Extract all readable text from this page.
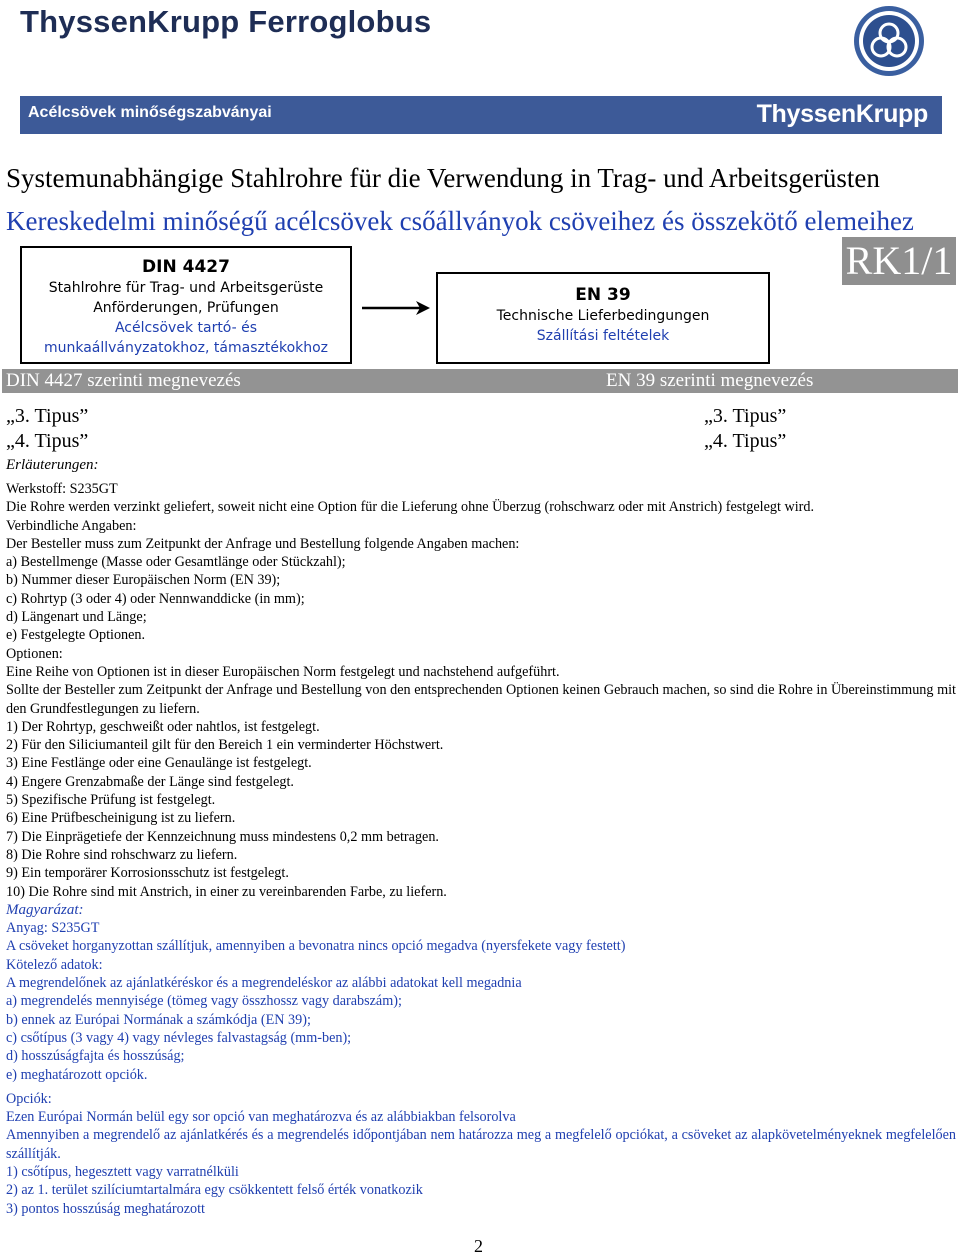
ThyssenKrupp Ferroglobus
Acélcsövek minőségszabványai	ThyssenKrupp
Systemunabhängige Stahlrohre für die Verwendung in Trag- und Arbeitsgerüsten
Kereskedelmi minőségű acélcsövek csőállványok csöveihez és összekötő elemeihez
RK1/1
DIN 4427
Stahlrohre für Trag- und Arbeitsgerüste
Anförderungen, Prüfungen
Acélcsövek tartó- és
munkaállványzatokhoz, támasztékokhoz
EN 39
Technische Lieferbedingungen
Szállítási feltételek
DIN 4427 szerinti megnevezés	EN 39 szerinti megnevezés
„3. Tipus”
„4. Tipus”
„3. Tipus”
„4. Tipus”
Erläuterungen:

Werkstoff: S235GT

Die Rohre werden verzinkt geliefert, soweit nicht eine Option für die Lieferung ohne Überzug (rohschwarz oder mit Anstrich) festgelegt wird.

Verbindliche Angaben:

Der Besteller muss zum Zeitpunkt der Anfrage und Bestellung folgende Angaben machen:

a) Bestellmenge (Masse oder Gesamtlänge oder Stückzahl);

b) Nummer dieser Europäischen Norm (EN 39);

c) Rohrtyp (3 oder 4) oder Nennwanddicke (in mm);

d) Längenart und Länge;

e) Festgelegte Optionen.

Optionen:

Eine Reihe von Optionen ist in dieser Europäischen Norm festgelegt und nachstehend aufgeführt.

Sollte der Besteller zum Zeitpunkt der Anfrage und Bestellung von den entsprechenden Optionen keinen Gebrauch machen, so sind die Rohre in Übereinstimmung mit den Grundfestlegungen zu liefern.

1) Der Rohrtyp, geschweißt oder nahtlos, ist festgelegt.

2) Für den Siliciumanteil gilt für den Bereich 1 ein verminderter Höchstwert.

3) Eine Festlänge oder eine Genaulänge ist festgelegt.

4) Engere Grenzabmaße der Länge sind festgelegt.

5) Spezifische Prüfung ist festgelegt.

6) Eine Prüfbescheinigung ist zu liefern.

7) Die Einprägetiefe der Kennzeichnung muss mindestens 0,2 mm betragen.

8) Die Rohre sind rohschwarz zu liefern.

9) Ein temporärer Korrosionsschutz ist festgelegt.

10) Die Rohre sind mit Anstrich, in einer zu vereinbarenden Farbe, zu liefern.

Magyarázat:

Anyag: S235GT

A csöveket horganyzottan szállítjuk, amennyiben a bevonatra nincs opció megadva (nyersfekete vagy festett)

Kötelező adatok:

A megrendelőnek az ajánlatkéréskor és a megrendeléskor az alábbi adatokat kell megadnia

a) megrendelés mennyisége (tömeg vagy összhossz vagy darabszám);

b) ennek az Európai Normának a számkódja (EN 39);

c) csőtípus (3 vagy 4) vagy névleges falvastagság (mm-ben);

d) hosszúságfajta és hosszúság;

e) meghatározott opciók.

Opciók:

Ezen Európai Normán belül egy sor opció van meghatározva és az alábbiakban felsorolva

Amennyiben a megrendelő az ajánlatkérés és a megrendelés időpontjában nem határozza meg a megfelelő opciókat, a csöveket az alapkövetelményeknek megfelelően szállítják.

1) csőtípus, hegesztett vagy varratnélküli

2) az 1. terület szilíciumtartalmára egy csökkentett felső érték vonatkozik

3) pontos hosszúság meghatározott

2
